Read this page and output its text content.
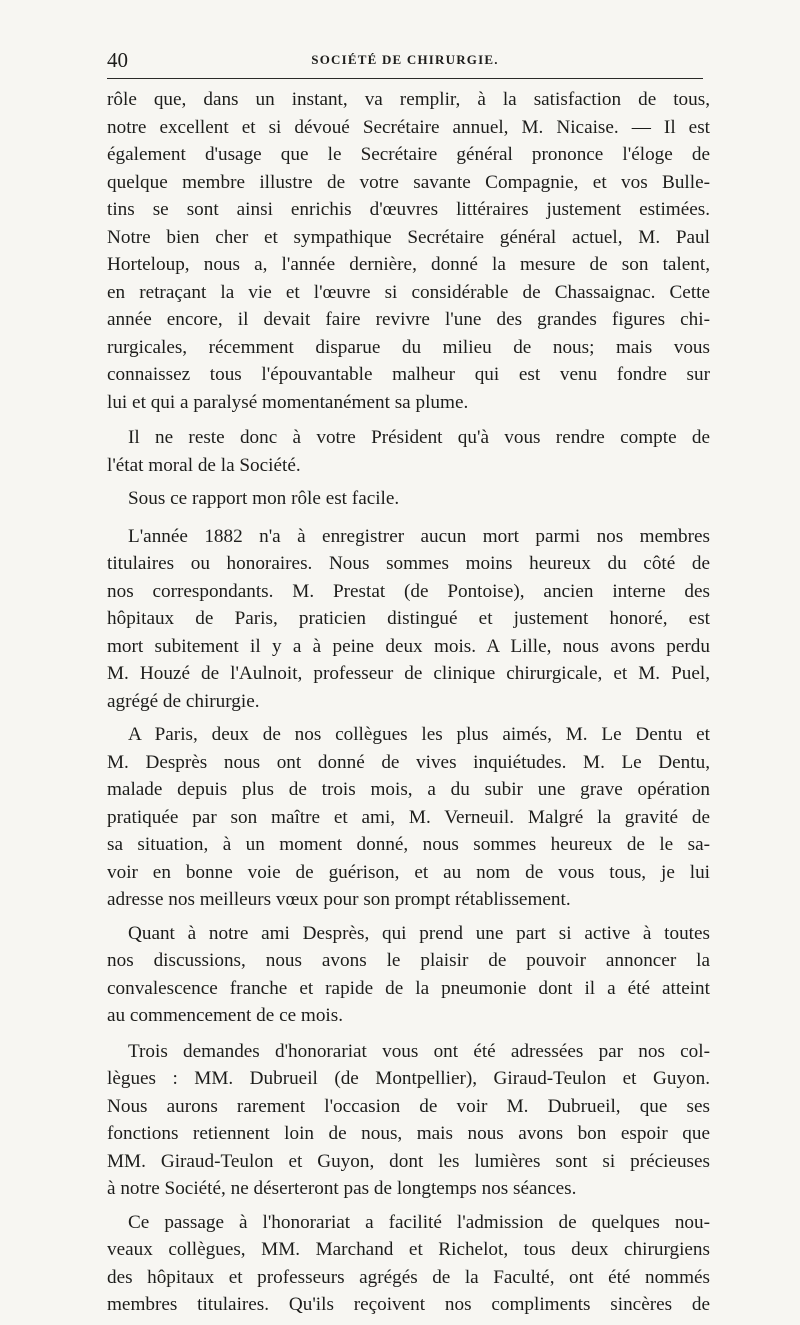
40	SOCIÉTÉ DE CHIRURGIE.
rôle que, dans un instant, va remplir, à la satisfaction de tous,
notre excellent et si dévoué Secrétaire annuel, M. Nicaise. — Il est
également d'usage que le Secrétaire général prononce l'éloge de
quelque membre illustre de votre savante Compagnie, et vos Bulle-
tins se sont ainsi enrichis d'œuvres littéraires justement estimées.
Notre bien cher et sympathique Secrétaire général actuel, M. Paul
Horteloup, nous a, l'année dernière, donné la mesure de son talent,
en retraçant la vie et l'œuvre si considérable de Chassaignac. Cette
année encore, il devait faire revivre l'une des grandes figures chi-
rurgicales, récemment disparue du milieu de nous; mais vous
connaissez tous l'épouvantable malheur qui est venu fondre sur
lui et qui a paralysé momentanément sa plume.
Il ne reste donc à votre Président qu'à vous rendre compte de
l'état moral de la Société.
Sous ce rapport mon rôle est facile.
L'année 1882 n'a à enregistrer aucun mort parmi nos membres
titulaires ou honoraires. Nous sommes moins heureux du côté de
nos correspondants. M. Prestat (de Pontoise), ancien interne des
hôpitaux de Paris, praticien distingué et justement honoré, est
mort subitement il y a à peine deux mois. A Lille, nous avons perdu
M. Houzé de l'Aulnoit, professeur de clinique chirurgicale, et M. Puel,
agrégé de chirurgie.
A Paris, deux de nos collègues les plus aimés, M. Le Dentu et
M. Desprès nous ont donné de vives inquiétudes. M. Le Dentu,
malade depuis plus de trois mois, a du subir une grave opération
pratiquée par son maître et ami, M. Verneuil. Malgré la gravité de
sa situation, à un moment donné, nous sommes heureux de le sa-
voir en bonne voie de guérison, et au nom de vous tous, je lui
adresse nos meilleurs vœux pour son prompt rétablissement.
Quant à notre ami Desprès, qui prend une part si active à toutes
nos discussions, nous avons le plaisir de pouvoir annoncer la
convalescence franche et rapide de la pneumonie dont il a été atteint
au commencement de ce mois.
Trois demandes d'honorariat vous ont été adressées par nos col-
lègues : MM. Dubrueil (de Montpellier), Giraud-Teulon et Guyon.
Nous aurons rarement l'occasion de voir M. Dubrueil, que ses
fonctions retiennent loin de nous, mais nous avons bon espoir que
MM. Giraud-Teulon et Guyon, dont les lumières sont si précieuses
à notre Société, ne déserteront pas de longtemps nos séances.
Ce passage à l'honorariat a facilité l'admission de quelques nou-
veaux collègues, MM. Marchand et Richelot, tous deux chirurgiens
des hôpitaux et professeurs agrégés de la Faculté, ont été nommés
membres titulaires. Qu'ils reçoivent nos compliments sincères de
